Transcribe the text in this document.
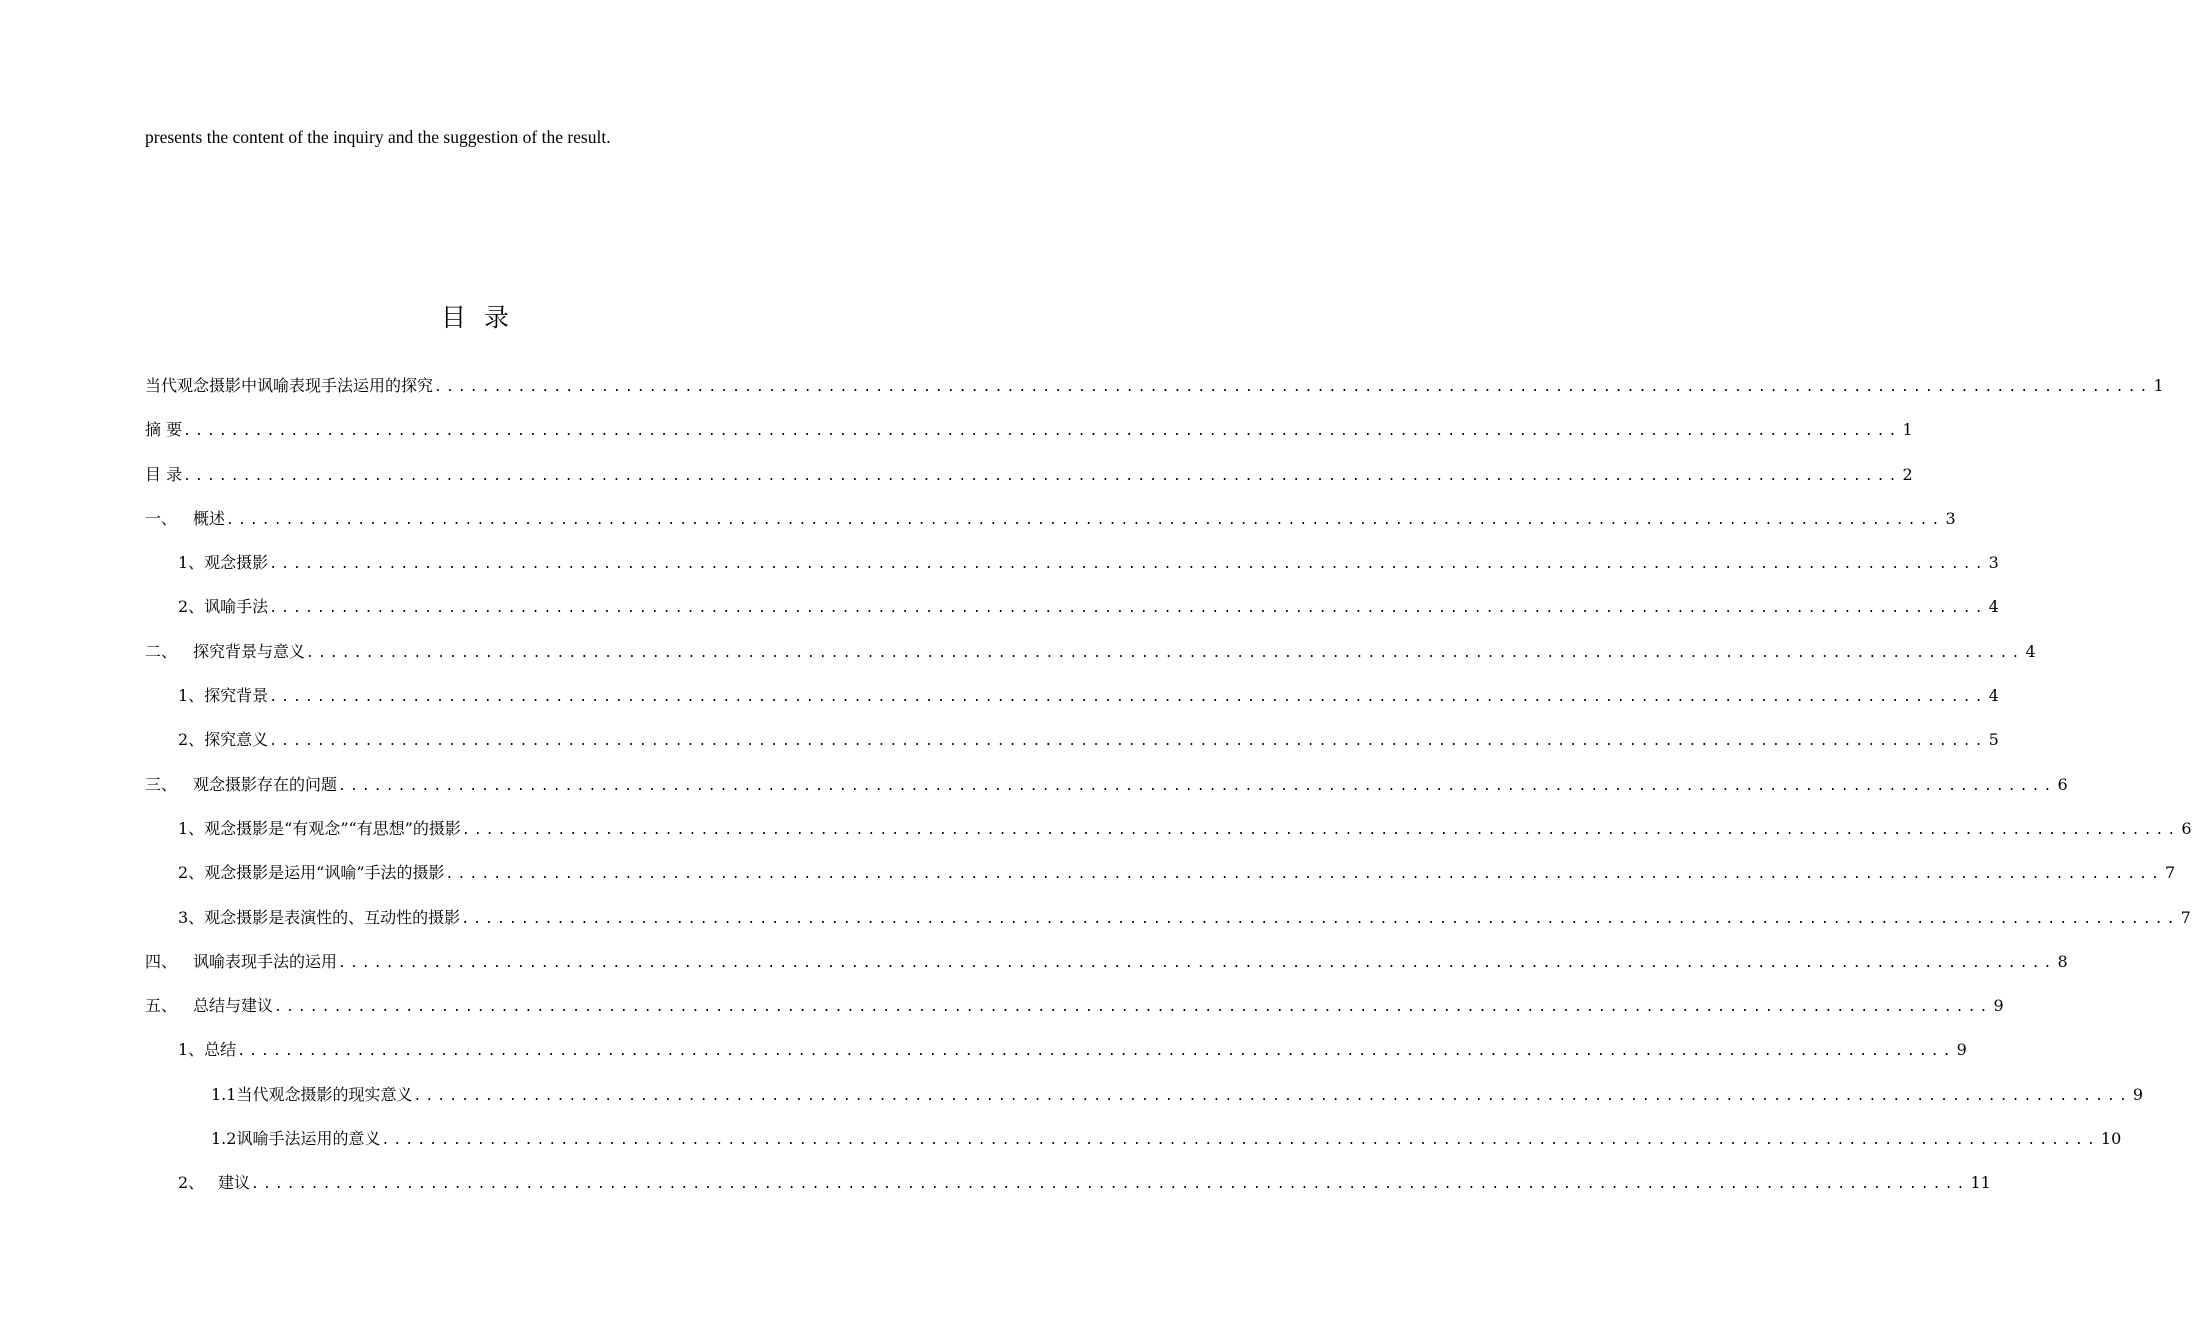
presents the content of the inquiry and the suggestion of the result.
目 录
当代观念摄影中讽喻表现手法运用的探究 ................................................................................................................................................ 1
摘 要 ................................................................................................................................................ 1
目 录 ................................................................................................................................................ 2
一、 概述 ................................................................................................................................................ 3
1、观念摄影 ................................................................................................................................................ 3
2、讽喻手法 ................................................................................................................................................ 4
二、 探究背景与意义 ................................................................................................................................................ 4
1、探究背景 ................................................................................................................................................ 4
2、探究意义 ................................................................................................................................................ 5
三、 观念摄影存在的问题 ................................................................................................................................................ 6
1、观念摄影是“有观念”“有思想”的摄影 ................................................................................................................................................ 6
2、观念摄影是运用“讽喻”手法的摄影 ................................................................................................................................................ 7
3、观念摄影是表演性的、互动性的摄影 ................................................................................................................................................ 7
四、 讽喻表现手法的运用 ................................................................................................................................................ 8
五、 总结与建议 ................................................................................................................................................ 9
1、总结 ................................................................................................................................................ 9
1.1当代观念摄影的现实意义 ................................................................................................................................................ 9
1.2讽喻手法运用的意义 ................................................................................................................................................ 10
2、 建议 ................................................................................................................................................ 11
